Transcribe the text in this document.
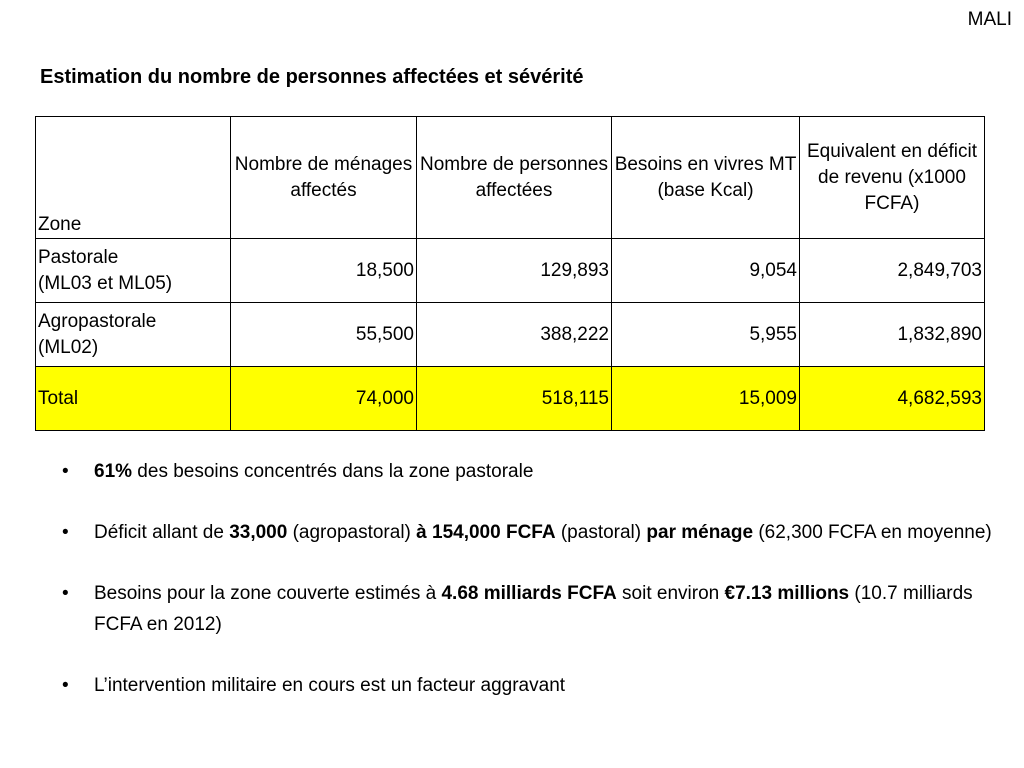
MALI
Estimation du nombre de personnes affectées et sévérité
Zone	Nombre de ménages affectés	Nombre de personnes affectées	Besoins en vivres MT (base Kcal)	Equivalent en déficit de revenu (x1000 FCFA)

Pastorale
(ML03 et ML05)	18,500	129,893	9,054	2,849,703

Agropastorale
(ML02)	55,500	388,222	5,955	1,832,890
Total	74,000	518,115	15,009	4,682,593
• 61% des besoins concentrés dans la zone pastorale
• Déficit allant de 33,000 (agropastoral) à 154,000 FCFA (pastoral) par ménage (62,300 FCFA en moyenne)
• Besoins pour la zone couverte estimés à 4.68 milliards FCFA soit environ €7.13 millions (10.7 milliards FCFA en 2012)
• L’intervention militaire en cours est un facteur aggravant
